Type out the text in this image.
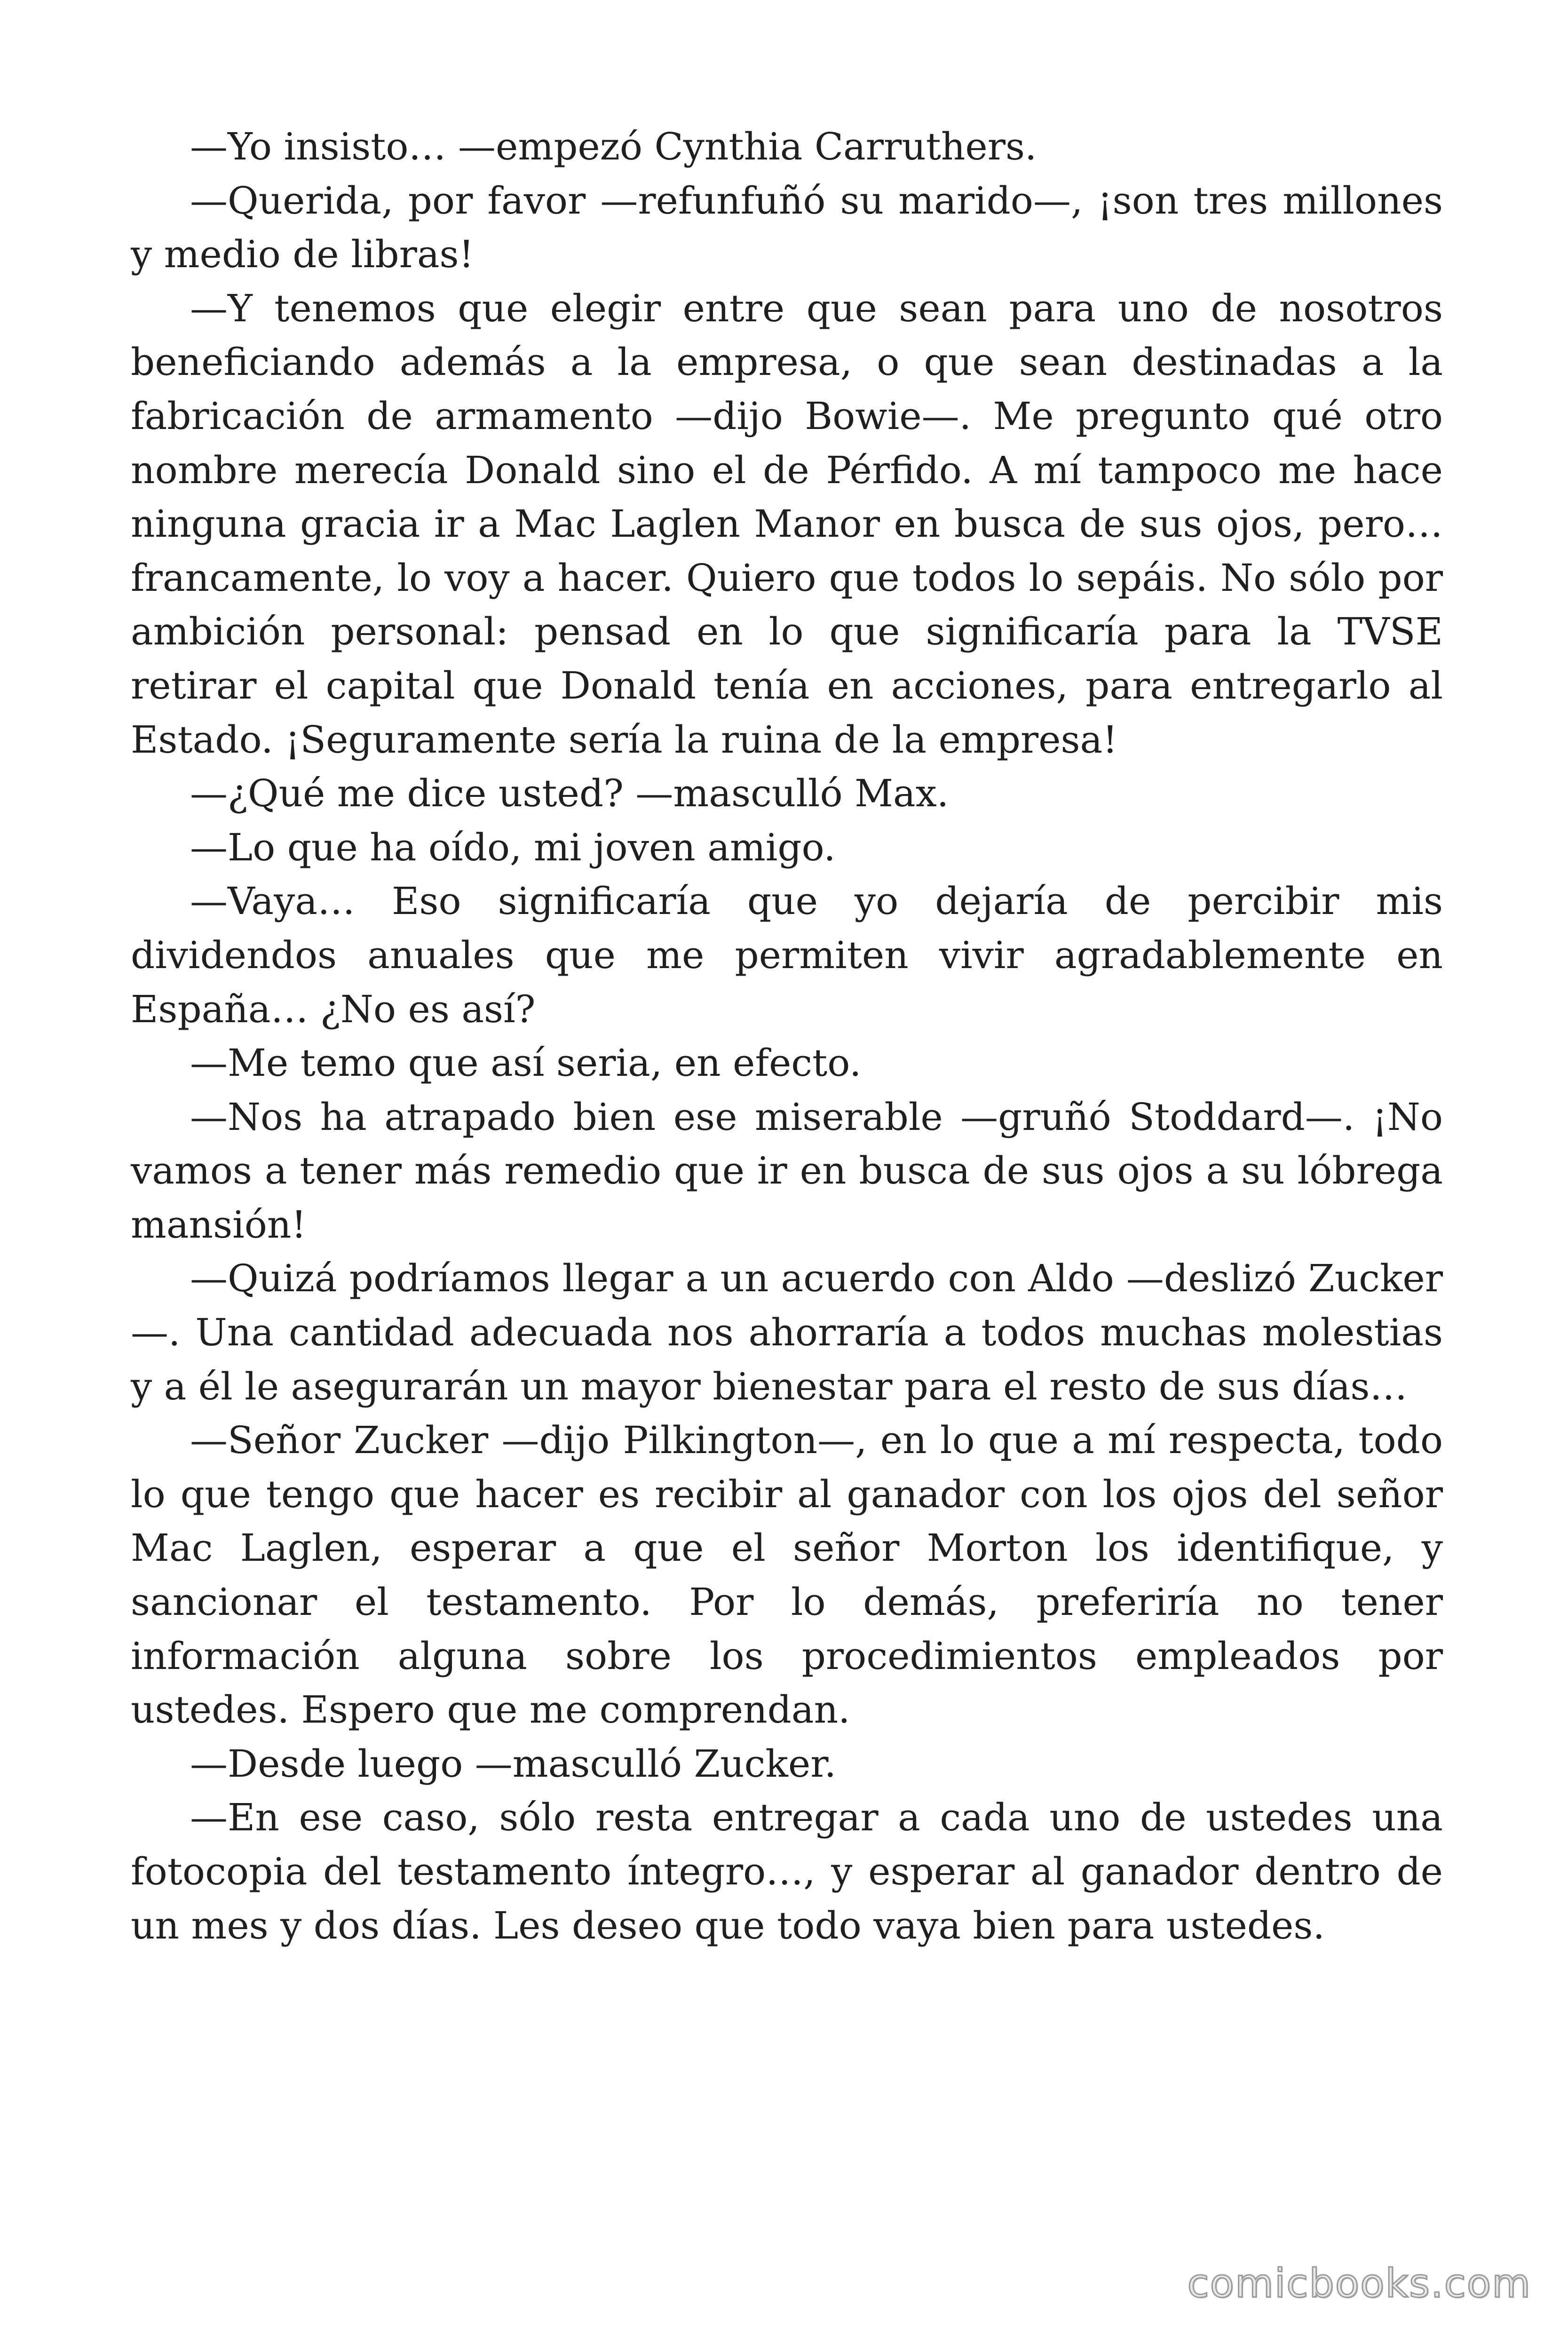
—Yo insisto… —empezó Cynthia Carruthers.

—Querida, por favor —refunfuñó su marido—, ¡son tres millones y medio de libras!

—Y tenemos que elegir entre que sean para uno de nosotros beneficiando además a la empresa, o que sean destinadas a la fabricación de armamento —dijo Bowie—. Me pregunto qué otro nombre merecía Donald sino el de Pérfido. A mí tampoco me hace ninguna gracia ir a Mac Laglen Manor en busca de sus ojos, pero… francamente, lo voy a hacer. Quiero que todos lo sepáis. No sólo por ambición personal: pensad en lo que significaría para la TVSE retirar el capital que Donald tenía en acciones, para entregarlo al Estado. ¡Seguramente sería la ruina de la empresa!

—¿Qué me dice usted? —masculló Max.

—Lo que ha oído, mi joven amigo.

—Vaya… Eso significaría que yo dejaría de percibir mis dividendos anuales que me permiten vivir agradablemente en España… ¿No es así?

—Me temo que así seria, en efecto.

—Nos ha atrapado bien ese miserable —gruñó Stoddard—. ¡No vamos a tener más remedio que ir en busca de sus ojos a su lóbrega mansión!

—Quizá podríamos llegar a un acuerdo con Aldo —deslizó Zucker—. Una cantidad adecuada nos ahorraría a todos muchas molestias y a él le asegurarán un mayor bienestar para el resto de sus días…

—Señor Zucker —dijo Pilkington—, en lo que a mí respecta, todo lo que tengo que hacer es recibir al ganador con los ojos del señor Mac Laglen, esperar a que el señor Morton los identifique, y sancionar el testamento. Por lo demás, preferiría no tener información alguna sobre los procedimientos empleados por ustedes. Espero que me comprendan.

—Desde luego —masculló Zucker.

—En ese caso, sólo resta entregar a cada uno de ustedes una fotocopia del testamento íntegro…, y esperar al ganador dentro de un mes y dos días. Les deseo que todo vaya bien para ustedes.

comicbooks.com
